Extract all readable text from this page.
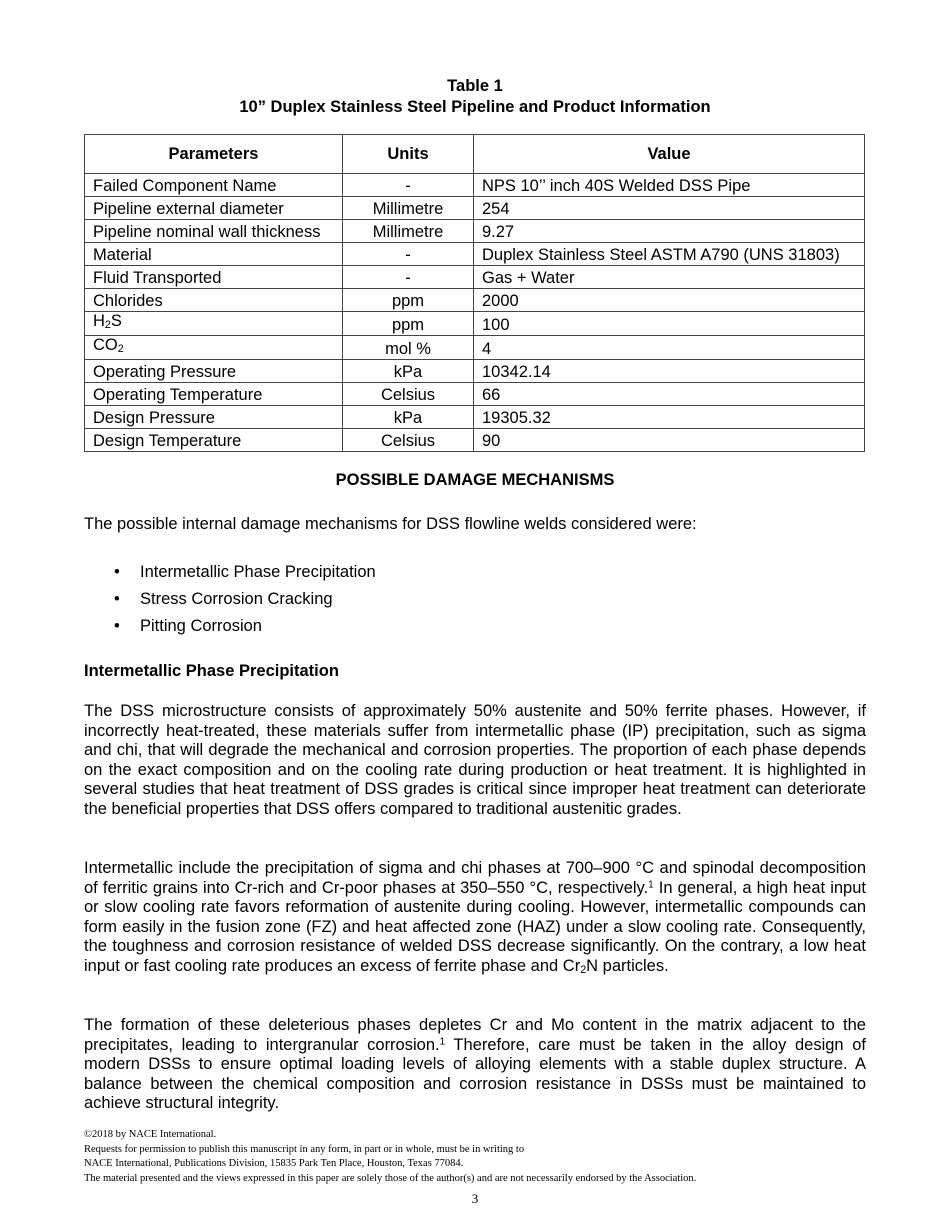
Table 1
10” Duplex Stainless Steel Pipeline and Product Information
Parameters	Units	Value
Failed Component Name	-	NPS 10’’ inch 40S Welded DSS Pipe
Pipeline external diameter	Millimetre	254
Pipeline nominal wall thickness	Millimetre	9.27
Material	-	Duplex Stainless Steel ASTM A790 (UNS 31803)
Fluid Transported	-	Gas + Water
Chlorides	ppm	2000
$H_2S$	ppm	100
$CO_2$	mol %	4
Operating Pressure	kPa	10342.14
Operating Temperature	Celsius	66
Design Pressure	kPa	19305.32
Design Temperature	Celsius	90
POSSIBLE DAMAGE MECHANISMS
The possible internal damage mechanisms for DSS flowline welds considered were:
• Intermetallic Phase Precipitation
• Stress Corrosion Cracking
• Pitting Corrosion
Intermetallic Phase Precipitation
The DSS microstructure consists of approximately 50% austenite and 50% ferrite phases. However, if incorrectly heat-treated, these materials suffer from intermetallic phase (IP) precipitation, such as sigma and chi, that will degrade the mechanical and corrosion properties. The proportion of each phase depends on the exact composition and on the cooling rate during production or heat treatment. It is highlighted in several studies that heat treatment of DSS grades is critical since improper heat treatment can deteriorate the beneficial properties that DSS offers compared to traditional austenitic grades.
Intermetallic include the precipitation of sigma and chi phases at 700–900 °C and spinodal decomposition of ferritic grains into Cr-rich and Cr-poor phases at 350–550 °C, respectively.$^1$ In general, a high heat input or slow cooling rate favors reformation of austenite during cooling. However, intermetallic compounds can form easily in the fusion zone (FZ) and heat affected zone (HAZ) under a slow cooling rate. Consequently, the toughness and corrosion resistance of welded DSS decrease significantly. On the contrary, a low heat input or fast cooling rate produces an excess of ferrite phase and $Cr_2N$ particles.
The formation of these deleterious phases depletes Cr and Mo content in the matrix adjacent to the precipitates, leading to intergranular corrosion.$^1$ Therefore, care must be taken in the alloy design of modern DSSs to ensure optimal loading levels of alloying elements with a stable duplex structure. A balance between the chemical composition and corrosion resistance in DSSs must be maintained to achieve structural integrity.
©2018 by NACE International.
Requests for permission to publish this manuscript in any form, in part or in whole, must be in writing to
NACE International, Publications Division, 15835 Park Ten Place, Houston, Texas 77084.
The material presented and the views expressed in this paper are solely those of the author(s) and are not necessarily endorsed by the Association.
3
